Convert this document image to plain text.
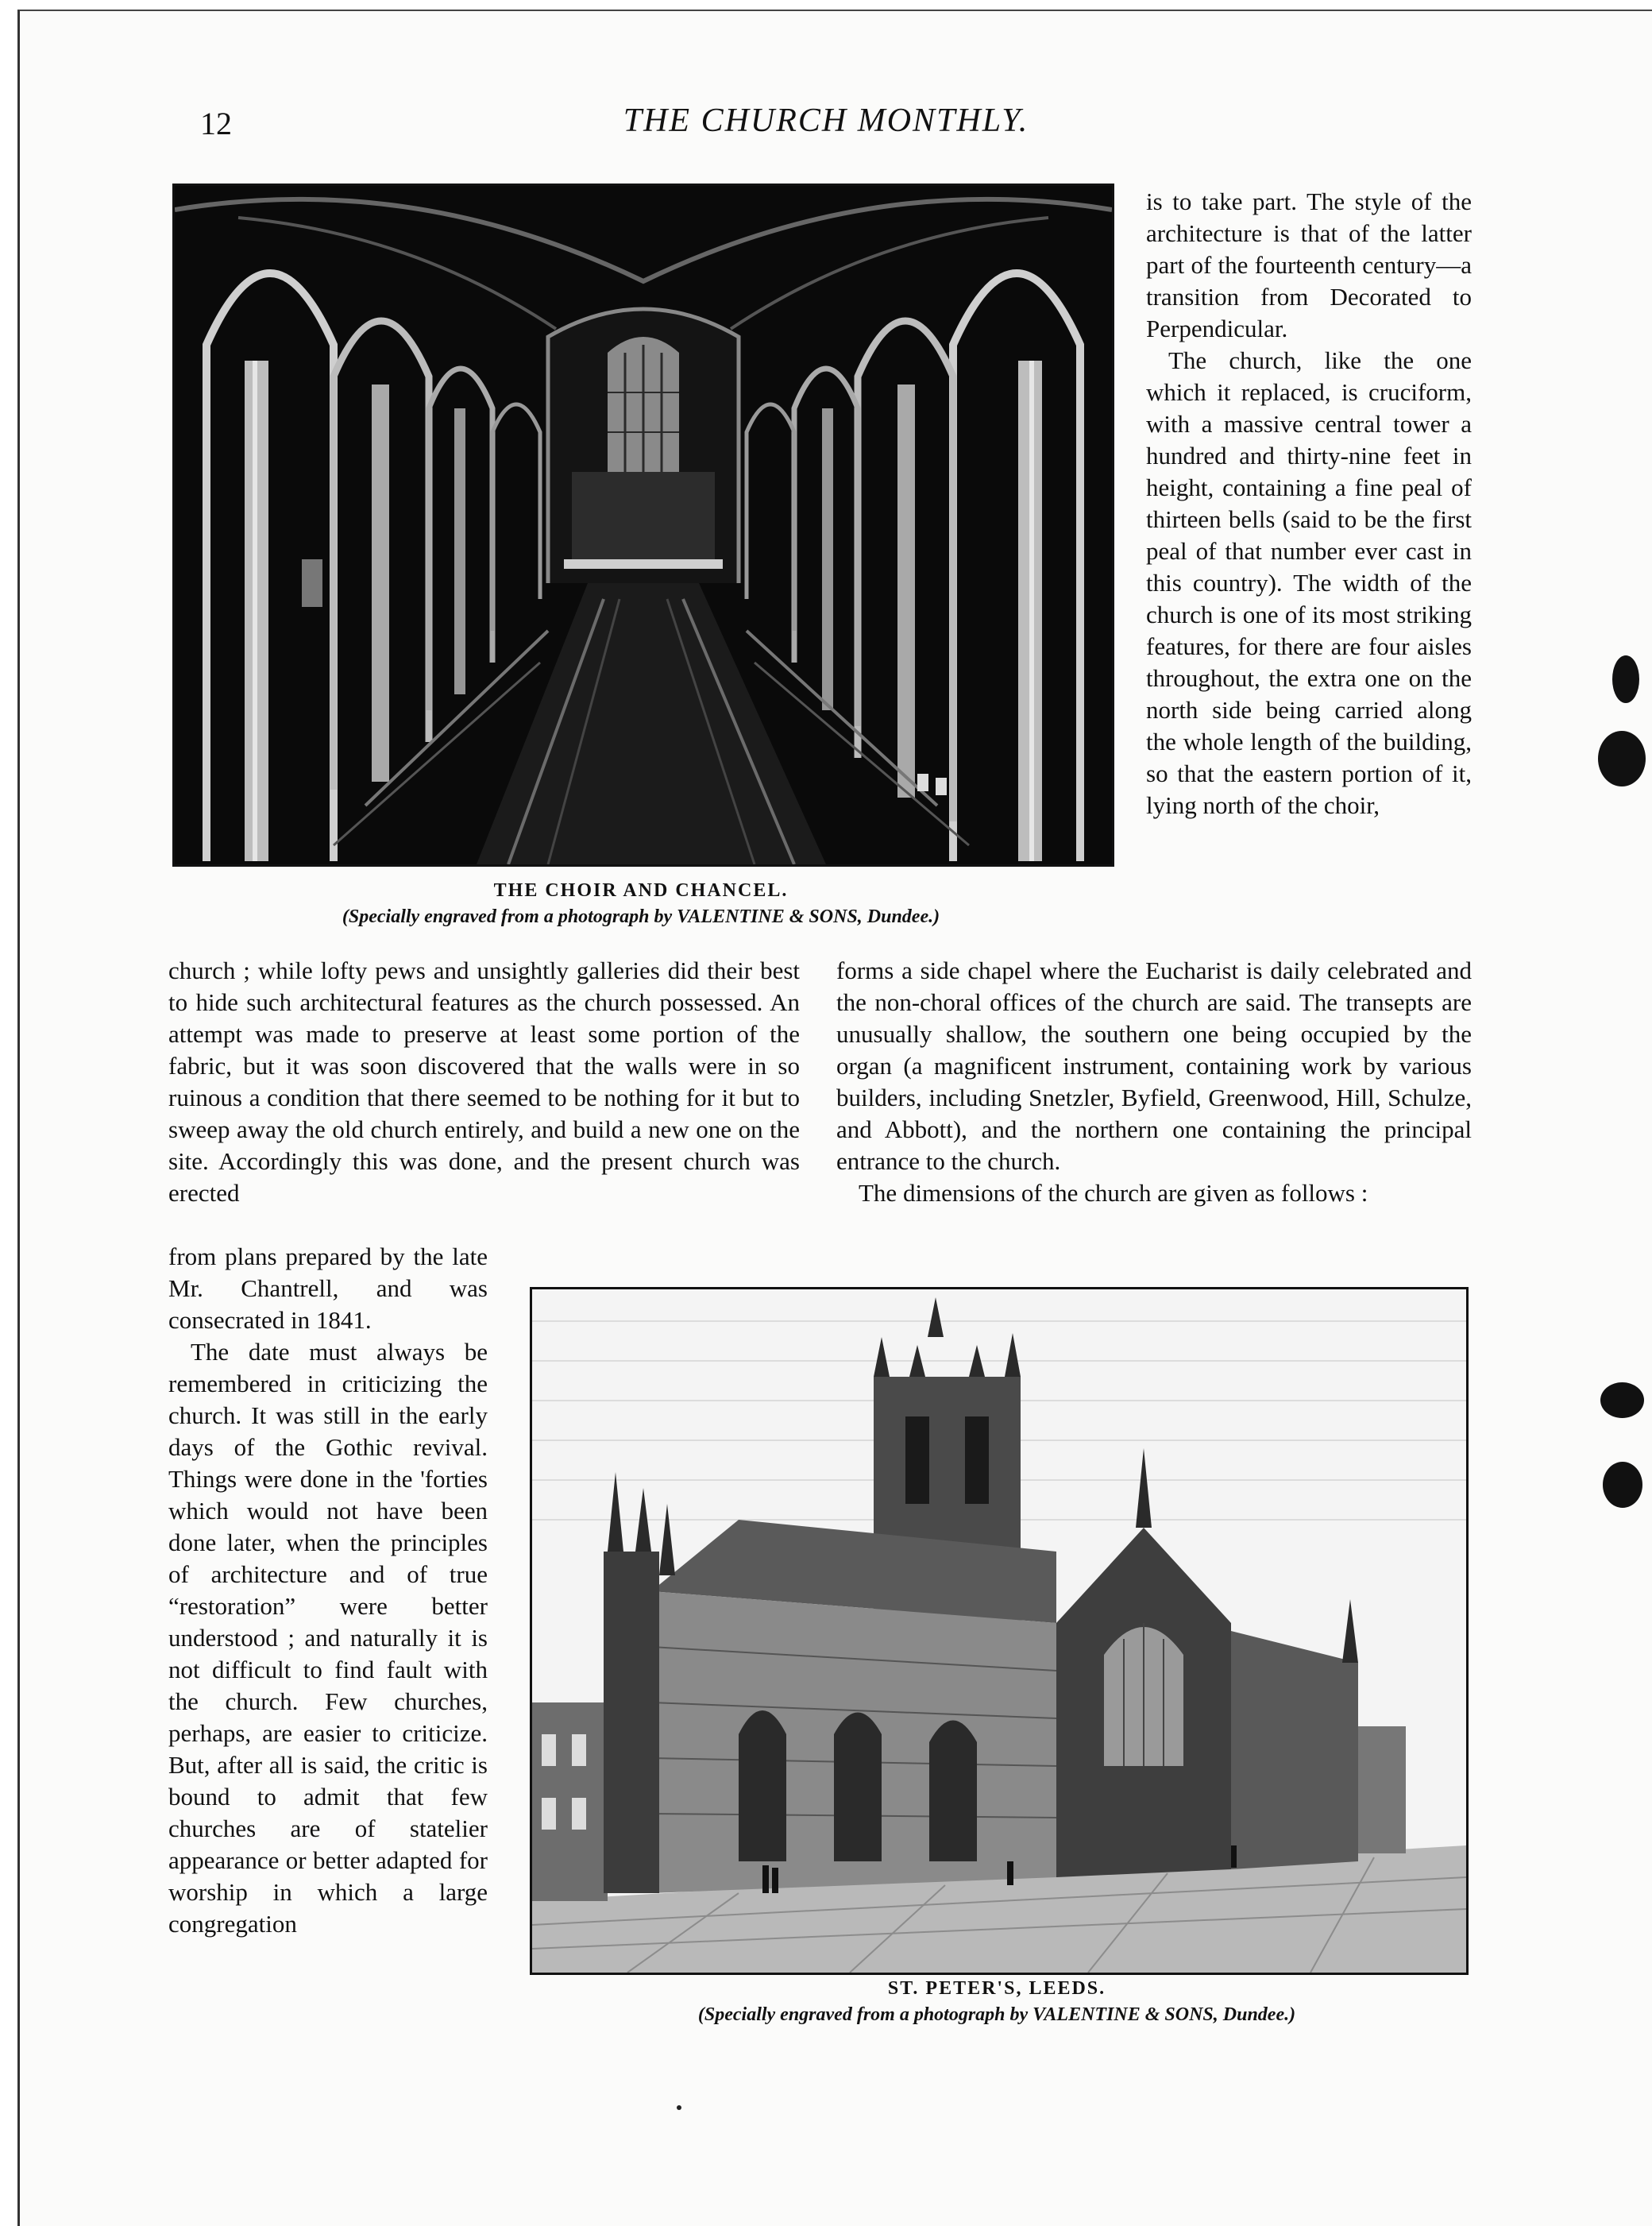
12	THE CHURCH MONTHLY.
THE CHOIR AND CHANCEL.
(Specially engraved from a photograph by VALENTINE & SONS, Dundee.)

is to take part. The style of the architecture is that of the latter part of the fourteenth century—a transition from Decorated to Perpendicular.

The church, like the one which it replaced, is cruciform, with a massive central tower a hundred and thirty-nine feet in height, containing a fine peal of thirteen bells (said to be the first peal of that number ever cast in this country). The width of the church is one of its most striking features, for there are four aisles throughout, the extra one on the north side being carried along the whole length of the building, so that the eastern portion of it, lying north of the choir,

church ; while lofty pews and unsightly galleries did their best to hide such architectural features as the church possessed. An attempt was made to preserve at least some portion of the fabric, but it was soon discovered that the walls were in so ruinous a condition that there seemed to be nothing for it but to sweep away the old church entirely, and build a new one on the site. Accordingly this was done, and the present church was erected

forms a side chapel where the Eucharist is daily celebrated and the non-choral offices of the church are said. The transepts are unusually shallow, the southern one being occupied by the organ (a magnificent instrument, containing work by various builders, including Snetzler, Byfield, Greenwood, Hill, Schulze, and Abbott), and the northern one containing the principal entrance to the church.

The dimensions of the church are given as follows :

from plans prepared by the late Mr. Chantrell, and was consecrated in 1841.

The date must always be remembered in criticizing the church. It was still in the early days of the Gothic revival. Things were done in the 'forties which would not have been done later, when the principles of architecture and of true “restoration” were better understood ; and naturally it is not difficult to find fault with the church. Few churches, perhaps, are easier to criticize. But, after all is said, the critic is bound to admit that few churches are of statelier appearance or better adapted for worship in which a large congregation

ST. PETER'S, LEEDS.
(Specially engraved from a photograph by VALENTINE & SONS, Dundee.)
